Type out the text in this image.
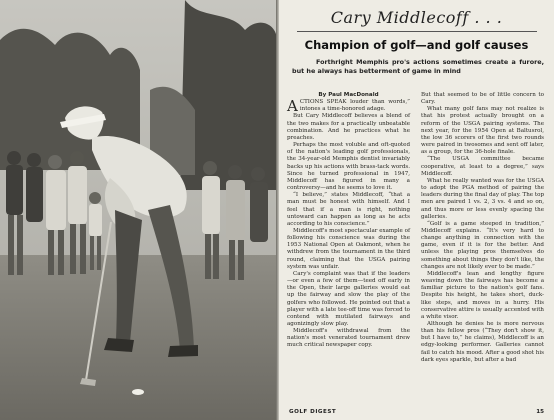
Cary Middlecoff . . .
Champion of golf—and golf causes
Forthright Memphis pro's actions sometimes create a furore, but he always has betterment of game in mind

By Paul MacDonald

ACTIONS SPEAK louder than words,” intones a time-honored adage.

But Cary Middlecoff believes a blend of the two makes for a practically unbeatable combination. And he practices what he preaches.

Perhaps the most voluble and oft-quoted of the nation's leading golf professionals, the 34-year-old Memphis dentist invariably backs up his actions with brass-tack words. Since he turned professional in 1947, Middlecoff has figured in many a controversy—and he seems to love it.

“I believe,” states Middlecoff, “that a man must be honest with himself. And I feel that if a man is right, nothing untoward can happen as long as he acts according to his conscience.”

Middlecoff's most spectacular example of following his conscience was during the 1953 National Open at Oakmont, when he withdrew from the tournament in the third round, claiming that the USGA pairing system was unfair.

Cary's complaint was that if the leaders—or even a few of them—teed off early in the Open, their large galleries would eat up the fairway and slow the play of the golfers who followed. He pointed out that a player with a late tee-off time was forced to contend with mutilated fairways and agonizingly slow play.

Middlecoff's withdrawal from the nation's most venerated tournament drew much critical newspaper copy.

But that seemed to be of little concern to Cary.

What many golf fans may not realize is that his protest actually brought on a reform of the USGA pairing systems. The next year, for the 1954 Open at Baltusrol, the low 36 scorers of the first two rounds were paired in twosomes and sent off later, as a group, for the 36-hole finale.

“The USGA committee became cooperative, at least to a degree,” says Middlecoff.

What he really wanted was for the USGA to adopt the PGA method of pairing the leaders during the final day of play. The top men are paired 1 vs. 2, 3 vs. 4 and so on, and thus more or less evenly spacing the galleries.

“Golf is a game steeped in tradition,” Middlecoff explains. “It's very hard to change anything in connection with the game, even if it is for the better. And unless the playing pros themselves do something about things they don't like, the changes are not likely ever to be made.”

Middlecoff's lean and lengthy figure weaving down the fairways has become a familiar picture to the nation's golf fans. Despite his height, he takes short, duck-like steps, and moves in a hurry. His conservative attire is usually accented with a white visor.

Although he denies he is more nervous than his fellow pros (“They don't show it, but I have to,” he claims), Middlecoff is an edgy-looking performer. Galleries cannot fail to catch his mood. After a good shot his dark eyes sparkle, but after a bad

GOLF DIGEST	15
